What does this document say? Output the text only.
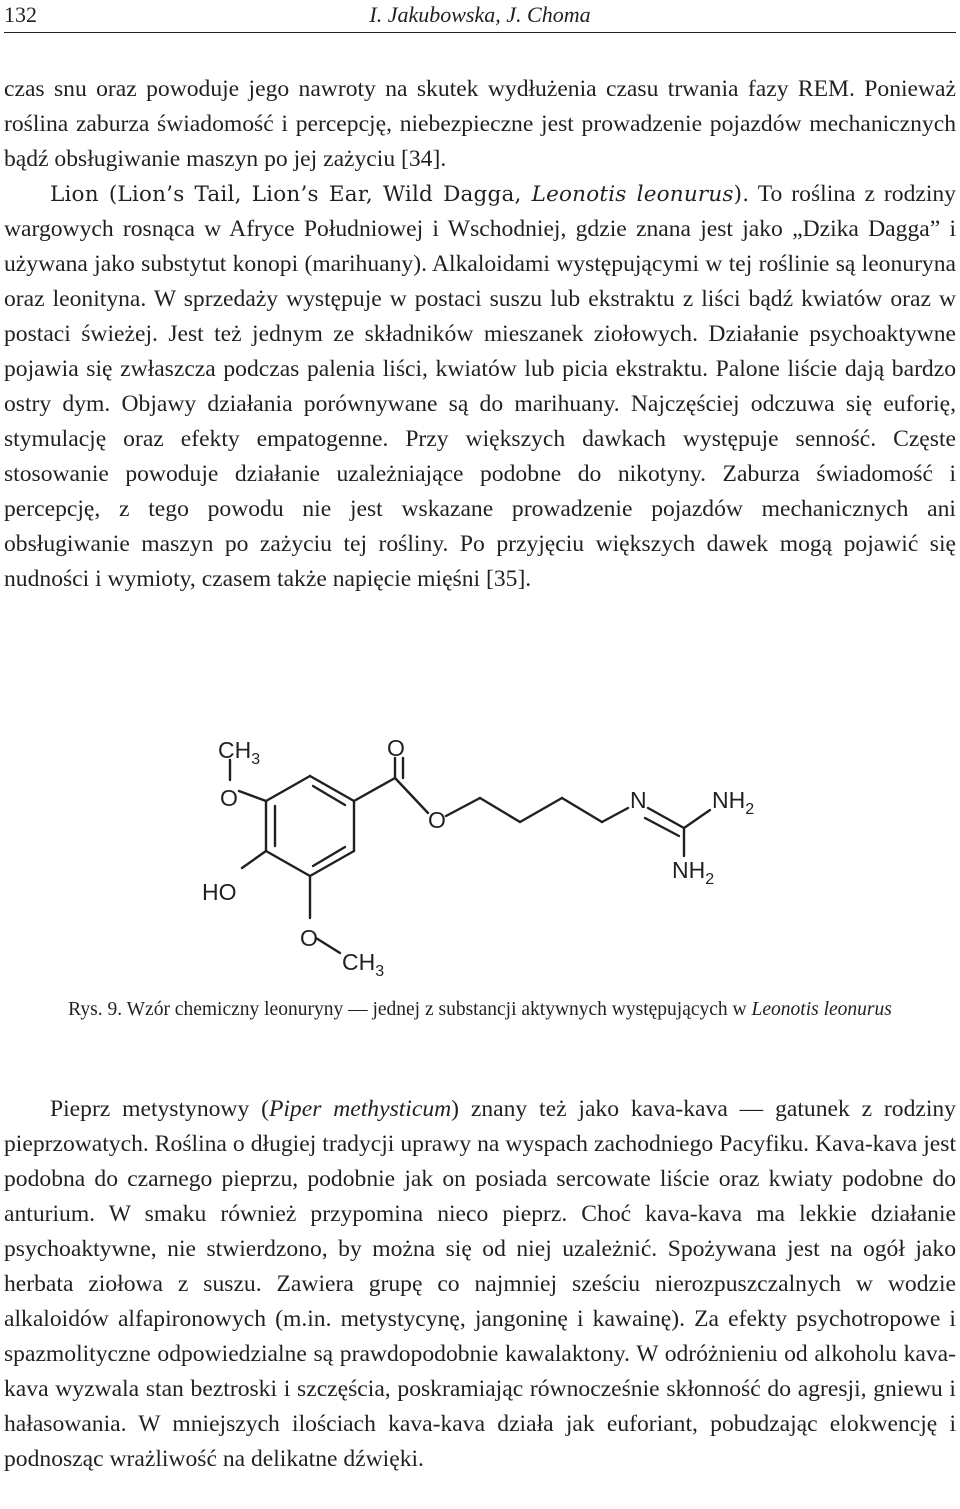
132	I. Jakubowska, J. Choma

czas snu oraz powoduje jego nawroty na skutek wydłużenia czasu trwania fazy REM. Ponieważ roślina zaburza świadomość i percepcję, niebezpieczne jest prowadzenie pojazdów mechanicznych bądź obsługiwanie maszyn po jej zażyciu [34].

Lion (Lion’s Tail, Lion’s Ear, Wild Dagga, Leonotis leonurus). To roślina z rodziny wargowych rosnąca w Afryce Południowej i Wschodniej, gdzie znana jest jako „Dzika Dagga” i używana jako substytut konopi (marihuany). Alkaloidami występującymi w tej roślinie są leonuryna oraz leonityna. W sprzedaży występuje w postaci suszu lub ekstraktu z liści bądź kwiatów oraz w postaci świeżej. Jest też jednym ze składników mieszanek ziołowych. Działanie psychoaktywne pojawia się zwłaszcza podczas palenia liści, kwiatów lub picia ekstraktu. Palone liście dają bardzo ostry dym. Objawy działania porównywane są do marihuany. Najczęściej odczuwa się euforię, stymulację oraz efekty empatogenne. Przy większych dawkach występuje senność. Częste stosowanie powoduje działanie uzależniające podobne do nikotyny. Zaburza świadomość i percepcję, z tego powodu nie jest wskazane prowadzenie pojazdów mechanicznych ani obsługiwanie maszyn po zażyciu tej rośliny. Po przyjęciu większych dawek mogą pojawić się nudności i wymioty, czasem także napięcie mięśni [35].

$CH_3$
O
O
O
N	$NH_2$
$NH_2$
HO
O
$CH_3$
Rys. 9. Wzór chemiczny leonuryny — jednej z substancji aktywnych występujących w Leonotis leonurus

Pieprz metystynowy (Piper methysticum) znany też jako kava-kava — gatunek z rodziny pieprzowatych. Roślina o długiej tradycji uprawy na wyspach zachodniego Pacyfiku. Kava-kava jest podobna do czarnego pieprzu, podobnie jak on posiada sercowate liście oraz kwiaty podobne do anturium. W smaku również przypomina nieco pieprz. Choć kava-kava ma lekkie działanie psychoaktywne, nie stwierdzono, by można się od niej uzależnić. Spożywana jest na ogół jako herbata ziołowa z suszu. Zawiera grupę co najmniej sześciu nierozpuszczalnych w wodzie alkaloidów alfapironowych (m.in. metystycynę, jangoninę i kawainę). Za efekty psychotropowe i spazmolityczne odpowiedzialne są prawdopodobnie kawalaktony. W odróżnieniu od alkoholu kava-kava wyzwala stan beztroski i szczęścia, poskramiając równocześnie skłonność do agresji, gniewu i hałasowania. W mniejszych ilościach kava-kava działa jak euforiant, pobudzając elokwencję i podnosząc wrażliwość na delikatne dźwięki.
